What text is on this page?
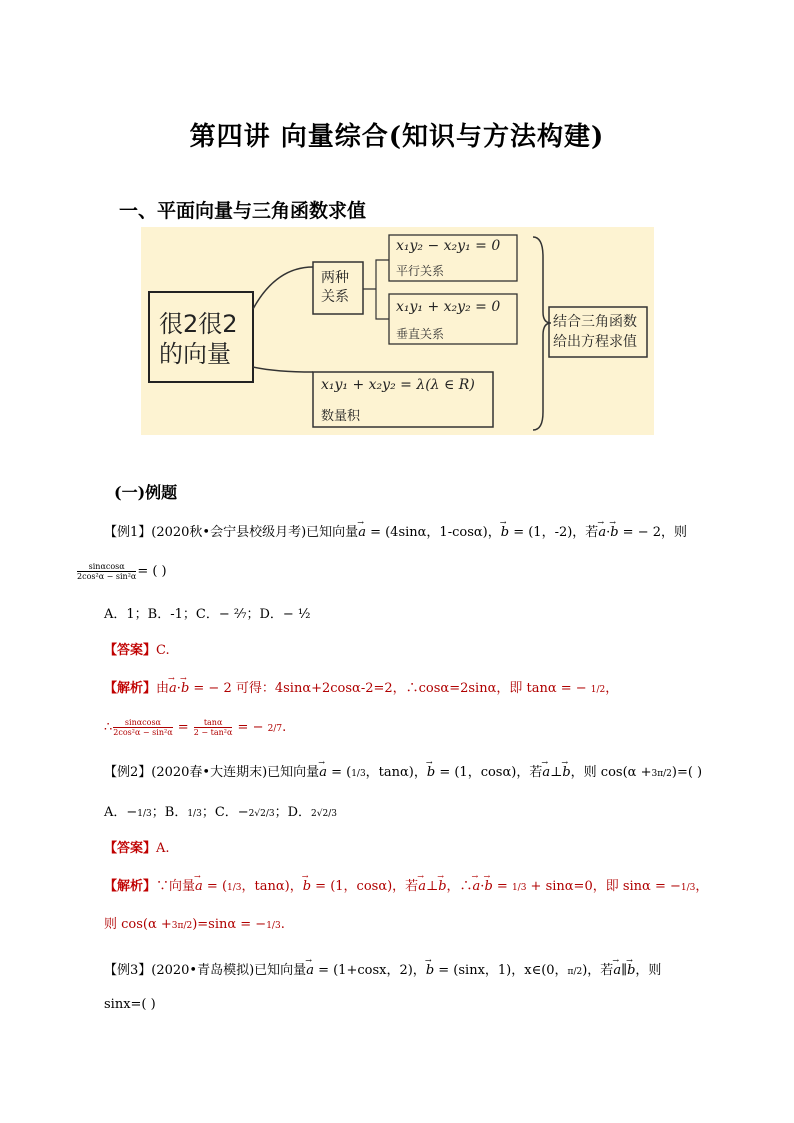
第四讲 向量综合(知识与方法构建)
一、平面向量与三角函数求值
很2很2
的向量
两种
关系
x₁y₂ − x₂y₁ = 0
平行关系
x₁y₁ + x₂y₂ = 0
垂直关系
x₁y₁ + x₂y₂ = λ(λ ∈ R)
数量积
结合三角函数
给出方程求值
(一)例题
【例1】(2020秋•会宁县校级月考)已知向量→ a = (4sinα，1-cosα)，→ b = (1，-2)，若→ a·→ b = − 2，则
$\frac{\sin\alpha\cos\alpha}{\text{2cos²α − sin²α}}$ = ( )
A．1；B．-1；C．− ²⁄₇；D．− ¹⁄₂
【答案】C.
【解析】由→ a·→ b = − 2 可得：4sinα+2cosα-2=2，∴cosα=2sinα，即 tanα = − 1/2，
∴ $\frac{\sin\alpha\cos\alpha}{\text{2cos²α − sin²α}} = \frac{\tan\alpha}{\text{2 − tan²α}}$ = − 2/7.
【例2】(2020春•大连期末)已知向量→ a = (1/3，tanα)，→ b = (1，cosα)，若→ a⊥→ b，则 cos(α +3π/2)=( )
A．−1/3；B．1/3；C．−2√2/3；D．2√2/3
【答案】A.
【解析】∵向量→ a = (1/3，tanα)，→ b = (1，cosα)，若→ a⊥→ b，∴→ a·→ b = 1/3 + sinα=0，即 sinα = −1/3，
则 cos(α +3π/2)=sinα = −1/3.
【例3】(2020•青岛模拟)已知向量→ a = (1+cosx，2)，→ b = (sinx，1)，x∈(0，π/2)，若→ a∥→ b，则
sinx=( )
